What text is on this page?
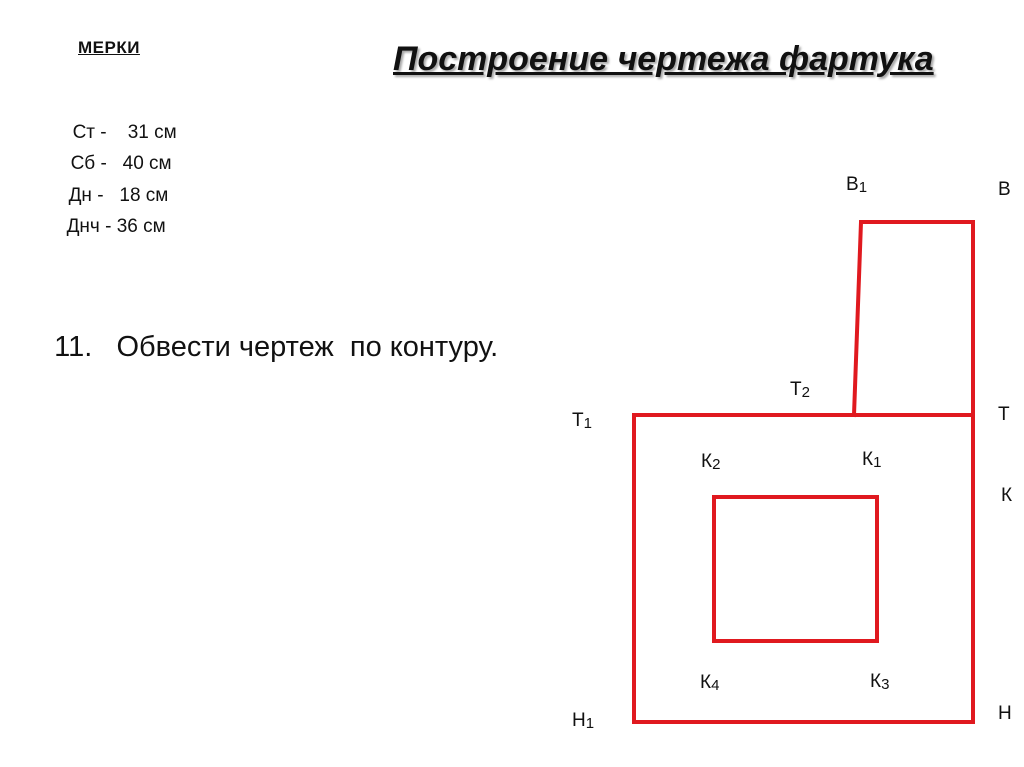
МЕРКИ	Построение чертежа фартука

Ст - 31 см

Сб - 40 см

Дн - 18 см

Днч - 36 см

11. Обвести чертеж  по контуру.

В1	В
Т2
Т1	Т
К2	К1
К
К4	К3
Н1	Н
